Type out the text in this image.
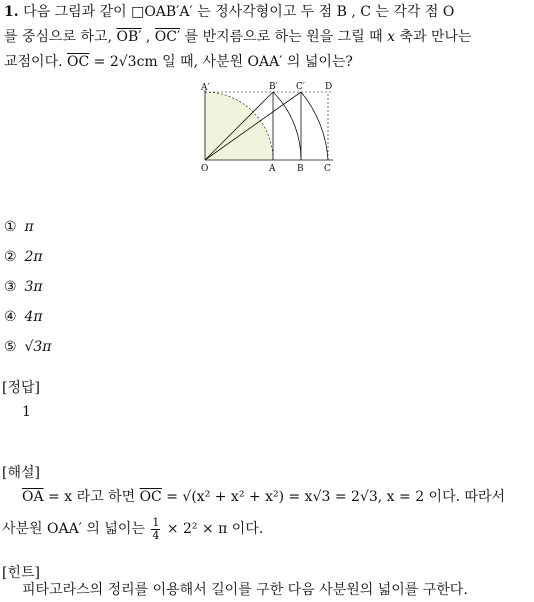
1. 다음 그림과 같이 □OAB′A′ 는 정사각형이고 두 점 B , C 는 각각 점 O
를 중심으로 하고, OB′ , OC′ 를 반지름으로 하는 원을 그릴 때 x 축과 만나는
교점이다. $\overline{OC} = 2√3cm$ 일 때, 사분원 OAA′ 의 넓이는?
A′	B′ C′ D
O	A B C
① π
② 2π
③ 3π
④ 4π
⑤ √3π
[정답]
1
[해설]
$\overline{OA} = x$ 라고 하면 $\overline{OC} = √(x^2 + x^2 + x^2) = x√3 = 2√3$, x = 2 이다. 따라서
사분원 OAA′ 의 넓이는 $\frac{1}{4} \times 2^2 \times \pi$ 이다.
[힌트]
피타고라스의 정리를 이용해서 길이를 구한 다음 사분원의 넓이를 구한다.
